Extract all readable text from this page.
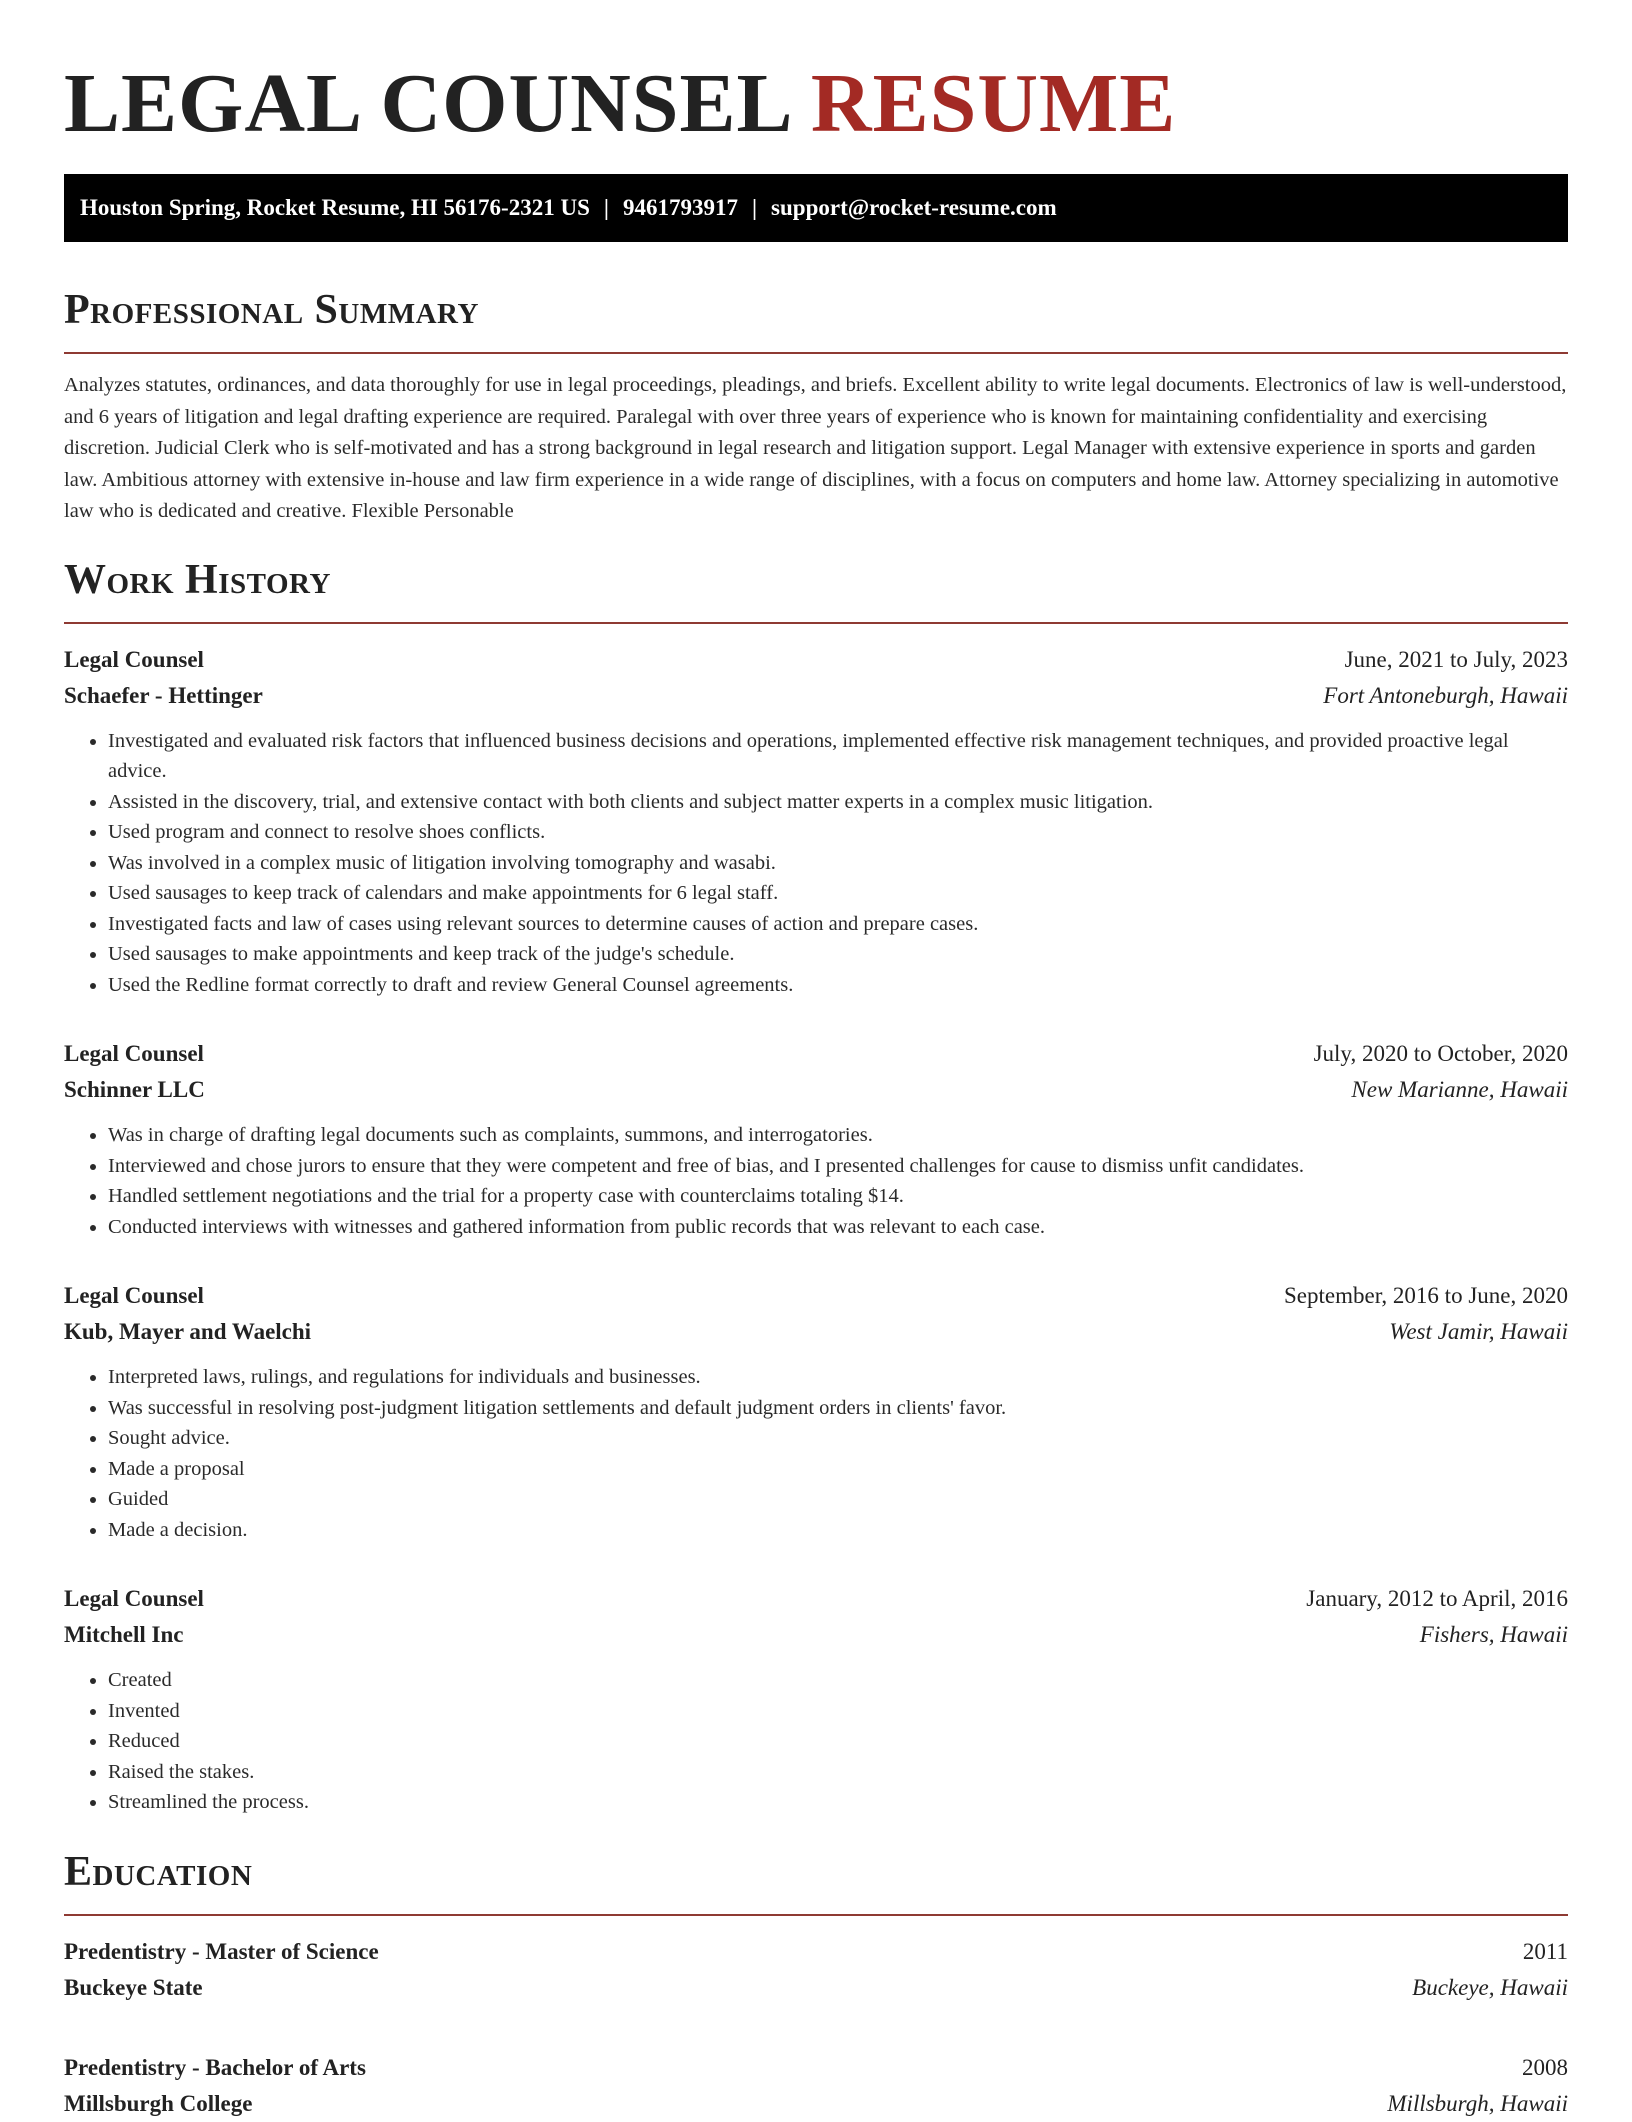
LEGAL COUNSEL RESUME
Houston Spring, Rocket Resume, HI 56176-2321 US | 9461793917 | support@rocket-resume.com
Professional Summary

Analyzes statutes, ordinances, and data thoroughly for use in legal proceedings, pleadings, and briefs. Excellent ability to write legal documents. Electronics of law is well-understood, and 6 years of litigation and legal drafting experience are required. Paralegal with over three years of experience who is known for maintaining confidentiality and exercising discretion. Judicial Clerk who is self-motivated and has a strong background in legal research and litigation support. Legal Manager with extensive experience in sports and garden law. Ambitious attorney with extensive in-house and law firm experience in a wide range of disciplines, with a focus on computers and home law. Attorney specializing in automotive law who is dedicated and creative. Flexible Personable

Work History
Legal Counsel	June, 2021 to July, 2023
Schaefer - Hettinger	Fort Antoneburgh, Hawaii
• Investigated and evaluated risk factors that influenced business decisions and operations, implemented effective risk management techniques, and provided proactive legal advice.
• Assisted in the discovery, trial, and extensive contact with both clients and subject matter experts in a complex music litigation.
• Used program and connect to resolve shoes conflicts.
• Was involved in a complex music of litigation involving tomography and wasabi.
• Used sausages to keep track of calendars and make appointments for 6 legal staff.
• Investigated facts and law of cases using relevant sources to determine causes of action and prepare cases.
• Used sausages to make appointments and keep track of the judge's schedule.
• Used the Redline format correctly to draft and review General Counsel agreements.
Legal Counsel	July, 2020 to October, 2020
Schinner LLC	New Marianne, Hawaii
• Was in charge of drafting legal documents such as complaints, summons, and interrogatories.
• Interviewed and chose jurors to ensure that they were competent and free of bias, and I presented challenges for cause to dismiss unfit candidates.
• Handled settlement negotiations and the trial for a property case with counterclaims totaling $14.
• Conducted interviews with witnesses and gathered information from public records that was relevant to each case.
Legal Counsel	September, 2016 to June, 2020
Kub, Mayer and Waelchi	West Jamir, Hawaii
• Interpreted laws, rulings, and regulations for individuals and businesses.
• Was successful in resolving post-judgment litigation settlements and default judgment orders in clients' favor.
• Sought advice.
• Made a proposal
• Guided
• Made a decision.
Legal Counsel	January, 2012 to April, 2016
Mitchell Inc	Fishers, Hawaii
• Created
• Invented
• Reduced
• Raised the stakes.
• Streamlined the process.
Education
Predentistry - Master of Science	2011
Buckeye State	Buckeye, Hawaii
Predentistry - Bachelor of Arts	2008
Millsburgh College	Millsburgh, Hawaii
